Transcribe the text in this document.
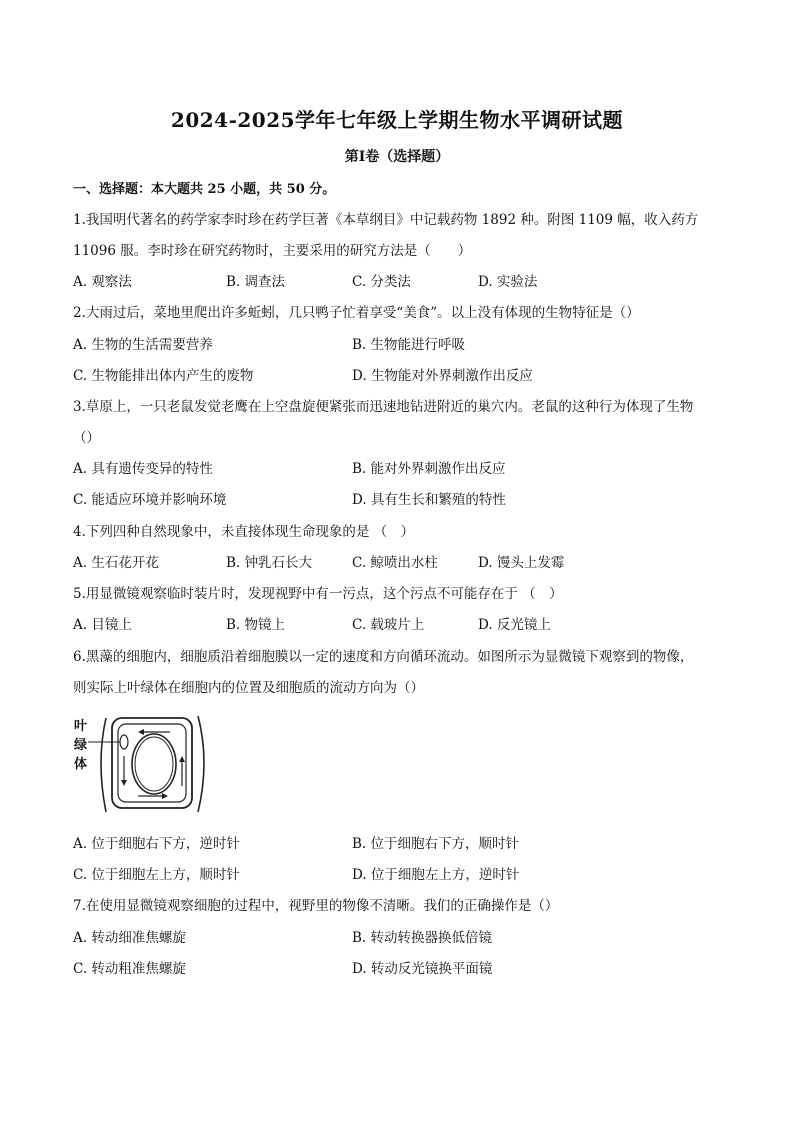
2024-2025学年七年级上学期生物水平调研试题
第Ⅰ卷（选择题）
一、选择题：本大题共 25 小题，共 50 分。
1.我国明代著名的药学家李时珍在药学巨著《本草纲目》中记载药物 1892 种。附图 1109 幅，收入药方
11096 服。李时珍在研究药物时，主要采用的研究方法是（　　）
A. 观察法	B. 调查法	C. 分类法	D. 实验法
2.大雨过后，菜地里爬出许多蚯蚓，几只鸭子忙着享受“美食”。以上没有体现的生物特征是（）
A. 生物的生活需要营养	B. 生物能进行呼吸
C. 生物能排出体内产生的废物	D. 生物能对外界刺激作出反应
3.草原上，一只老鼠发觉老鹰在上空盘旋便紧张而迅速地钻进附近的巢穴内。老鼠的这种行为体现了生物
（）
A. 具有遗传变异的特性	B. 能对外界刺激作出反应
C. 能适应环境并影响环境	D. 具有生长和繁殖的特性
4.下列四种自然现象中，未直接体现生命现象的是 （　）
A. 生石花开花	B. 钟乳石长大	C. 鲸喷出水柱	D. 馒头上发霉
5.用显微镜观察临时装片时，发现视野中有一污点，这个污点不可能存在于 （　）
A. 目镜上	B. 物镜上	C. 载玻片上	D. 反光镜上
6.黑藻的细胞内，细胞质沿着细胞膜以一定的速度和方向循环流动。如图所示为显微镜下观察到的物像，
则实际上叶绿体在细胞内的位置及细胞质的流动方向为（）
叶
绿
体
A. 位于细胞右下方，逆时针	B. 位于细胞右下方，顺时针
C. 位于细胞左上方，顺时针	D. 位于细胞左上方，逆时针
7.在使用显微镜观察细胞的过程中，视野里的物像不清晰。我们的正确操作是（）
A. 转动细准焦螺旋	B. 转动转换器换低倍镜
C. 转动粗准焦螺旋	D. 转动反光镜换平面镜
